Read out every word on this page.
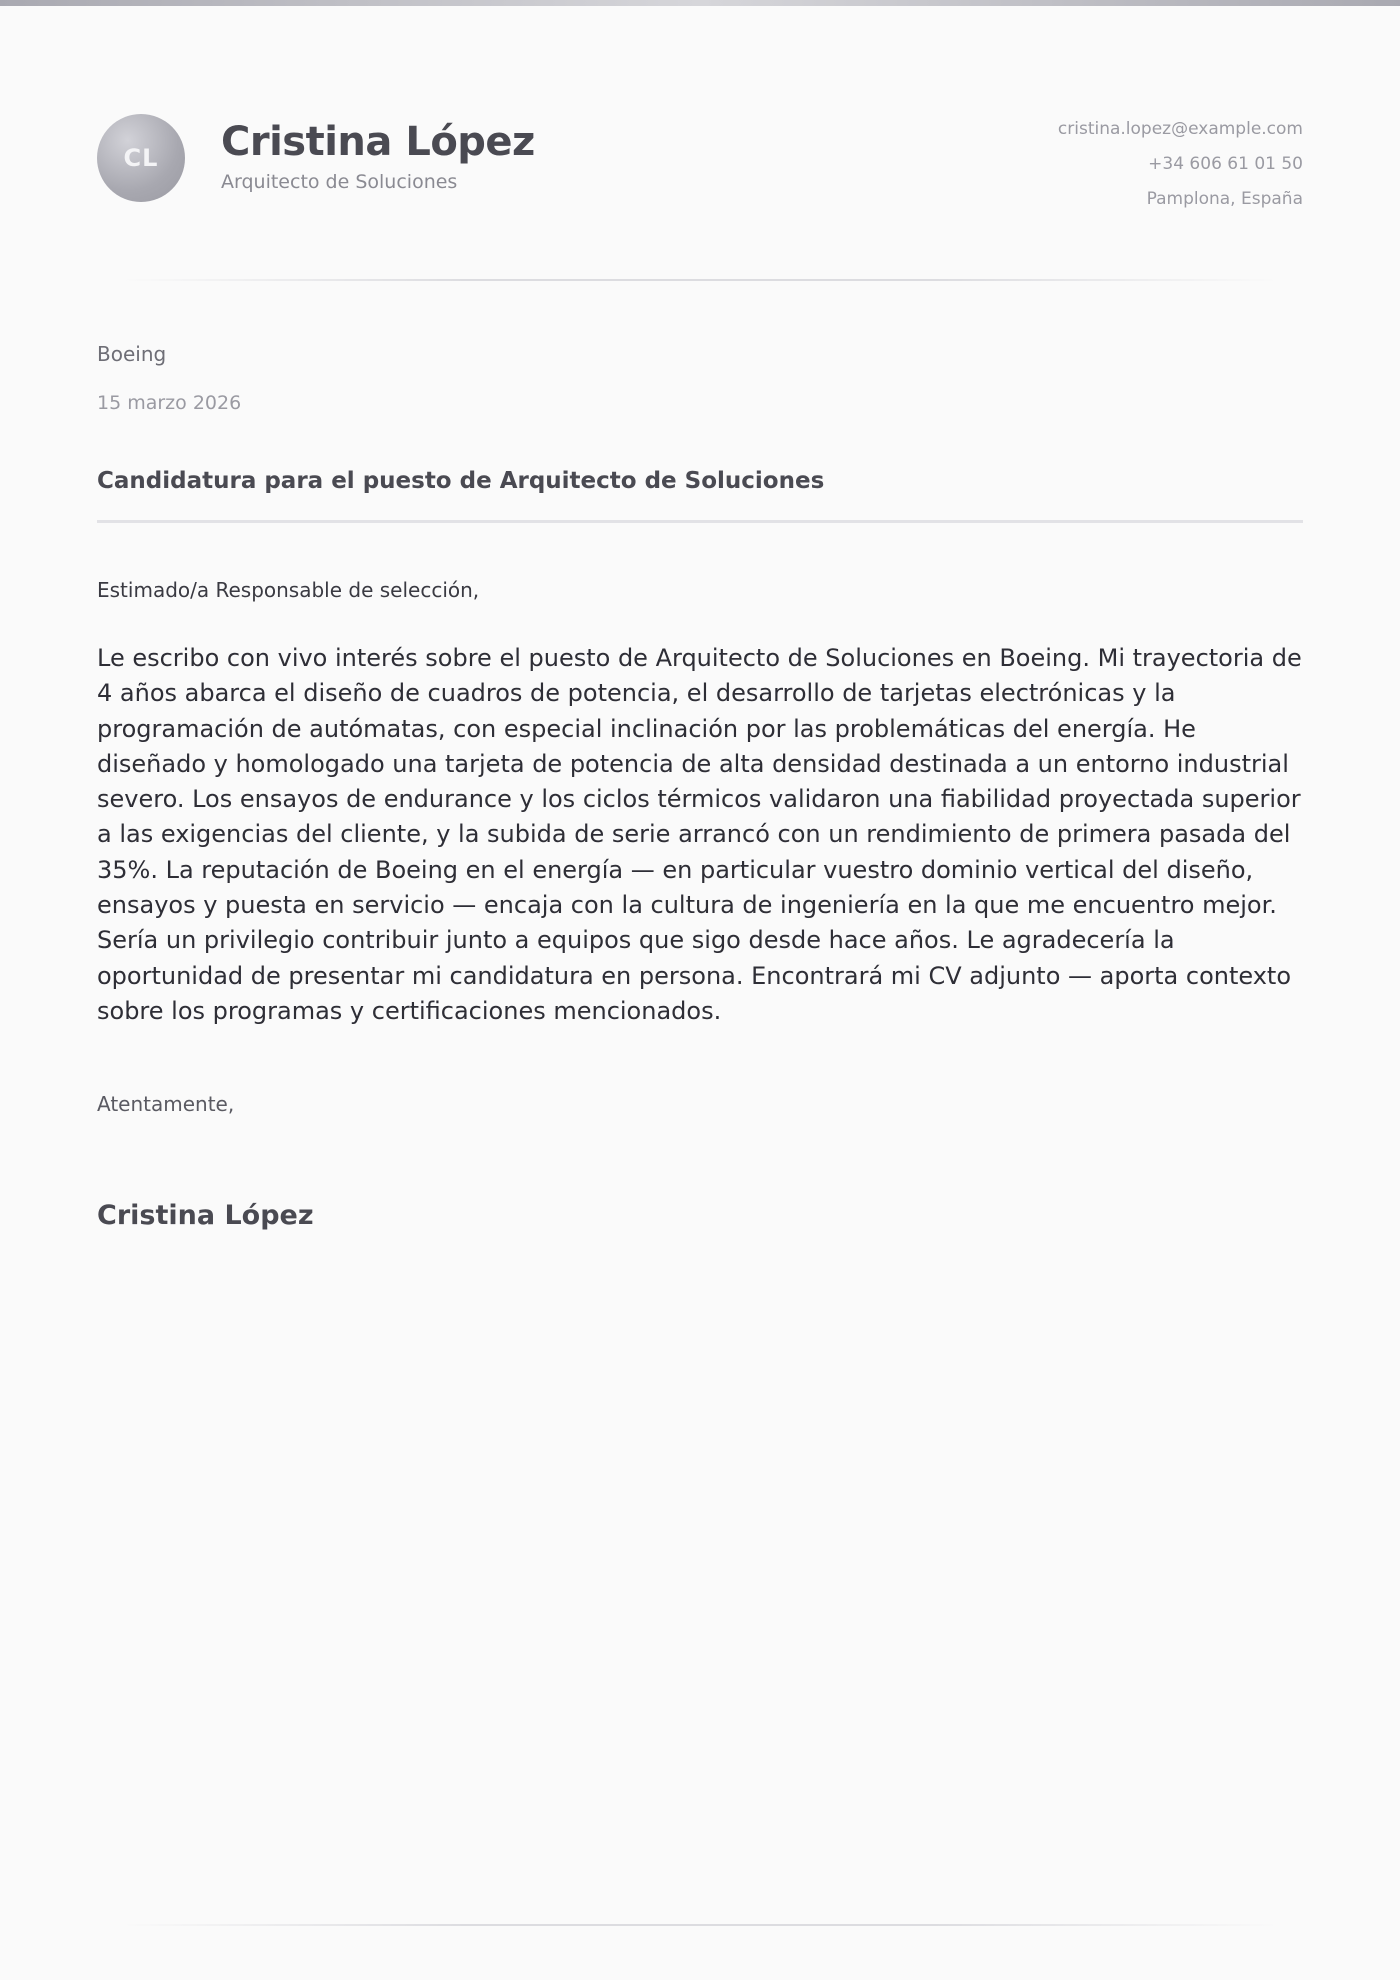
CL Cristina López
Arquitecto de Soluciones
cristina.lopez@example.com
+34 606 61 01 50
Pamplona, España
Boeing
15 marzo 2026
Candidatura para el puesto de Arquitecto de Soluciones
Estimado/a Responsable de selección,
Le escribo con vivo interés sobre el puesto de Arquitecto de Soluciones en Boeing. Mi trayectoria de 4 años abarca el diseño de cuadros de potencia, el desarrollo de tarjetas electrónicas y la programación de autómatas, con especial inclinación por las problemáticas del energía. He diseñado y homologado una tarjeta de potencia de alta densidad destinada a un entorno industrial severo. Los ensayos de endurance y los ciclos térmicos validaron una fiabilidad proyectada superior a las exigencias del cliente, y la subida de serie arrancó con un rendimiento de primera pasada del 35%. La reputación de Boeing en el energía — en particular vuestro dominio vertical del diseño, ensayos y puesta en servicio — encaja con la cultura de ingeniería en la que me encuentro mejor. Sería un privilegio contribuir junto a equipos que sigo desde hace años. Le agradecería la oportunidad de presentar mi candidatura en persona. Encontrará mi CV adjunto — aporta contexto sobre los programas y certificaciones mencionados.
Atentamente,
Cristina López
